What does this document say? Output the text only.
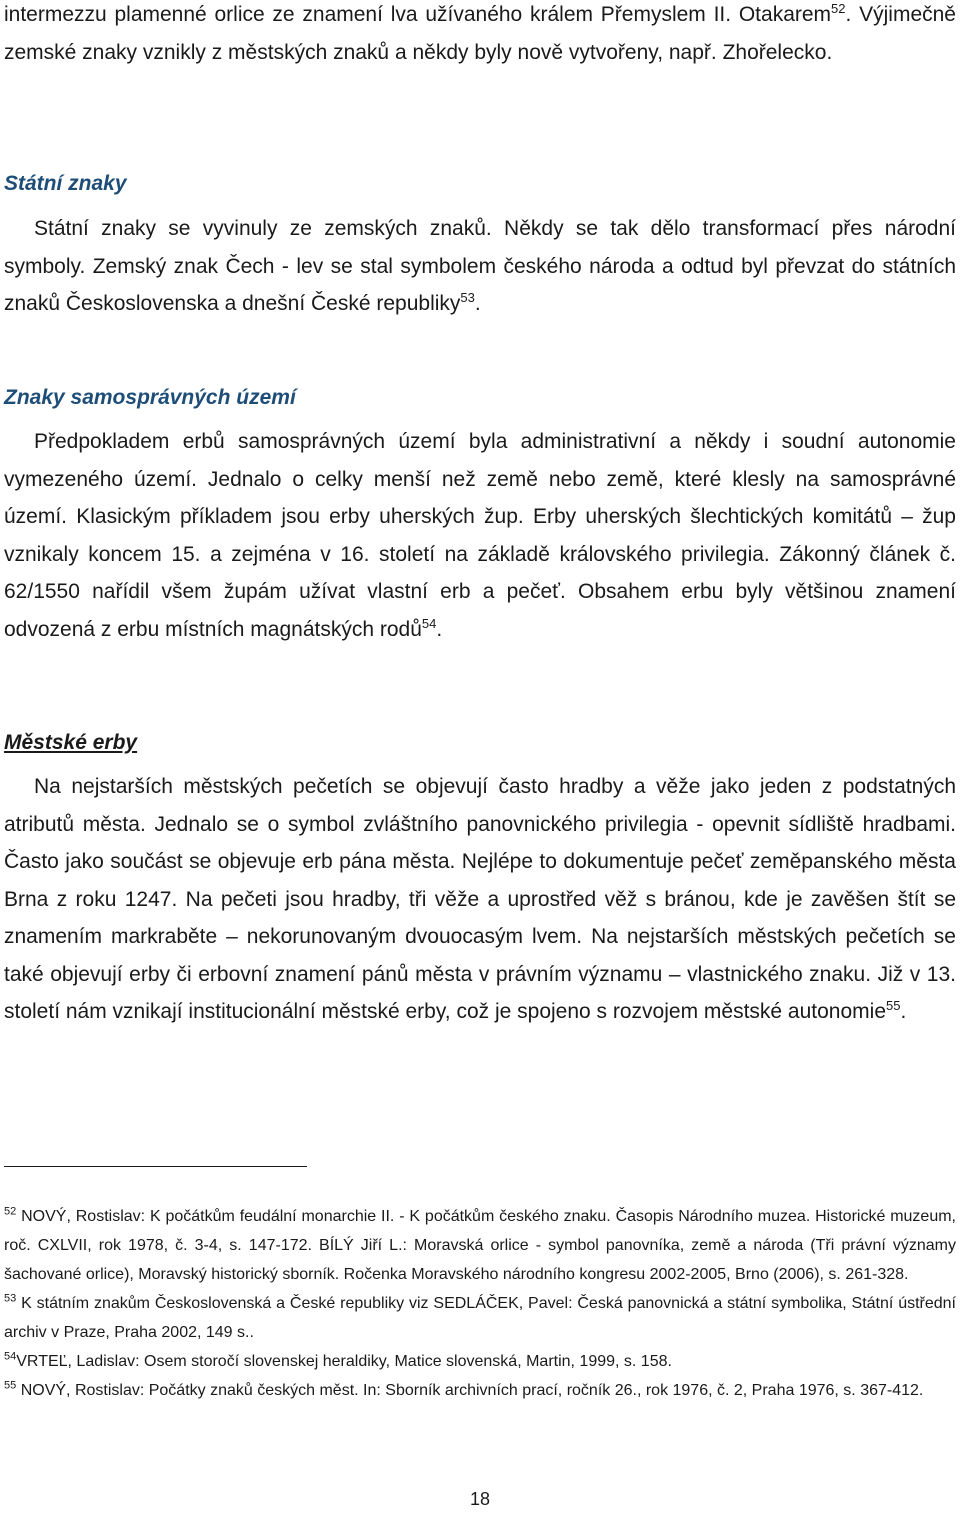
intermezzu plamenné orlice ze znamení lva užívaného králem Přemyslem II. Otakarem$^{52}$. Výjimečně zemské znaky vznikly z městských znaků a někdy byly nově vytvořeny, např. Zhořelecko.

Státní znaky

Státní znaky se vyvinuly ze zemských znaků. Někdy se tak dělo transformací přes národní symboly. Zemský znak Čech - lev se stal symbolem českého národa a odtud byl převzat do státních znaků Československa a dnešní České republiky$^{53}$.

Znaky samosprávných území

Předpokladem erbů samosprávných území byla administrativní a někdy i soudní autonomie vymezeného území. Jednalo o celky menší než země nebo země, které klesly na samosprávné území. Klasickým příkladem jsou erby uherských žup. Erby uherských šlechtických komitátů – žup vznikaly koncem 15. a zejména v 16. století na základě královského privilegia. Zákonný článek č. 62/1550 nařídil všem župám užívat vlastní erb a pečeť. Obsahem erbu byly většinou znamení odvozená z erbu místních magnátských rodů$^{54}$.

Městské erby

Na nejstarších městských pečetích se objevují často hradby a věže jako jeden z podstatných atributů města. Jednalo se o symbol zvláštního panovnického privilegia - opevnit sídliště hradbami. Často jako součást se objevuje erb pána města. Nejlépe to dokumentuje pečeť zeměpanského města Brna z roku 1247. Na pečeti jsou hradby, tři věže a uprostřed věž s bránou, kde je zavěšen štít se znamením markraběte – nekorunovaným dvouocasým lvem. Na nejstarších městských pečetích se také objevují erby či erbovní znamení pánů města v právním významu – vlastnického znaku. Již v 13. století nám vznikají institucionální městské erby, což je spojeno s rozvojem městské autonomie$^{55}$.

$^{52}$ NOVÝ, Rostislav: K počátkům feudální monarchie II. - K počátkům českého znaku. Časopis Národního muzea. Historické muzeum, roč. CXLVII, rok 1978, č. 3-4, s. 147-172. BÍLÝ Jiří L.: Moravská orlice - symbol panovníka, země a národa (Tři právní významy šachované orlice), Moravský historický sborník. Ročenka Moravského národního kongresu 2002-2005, Brno (2006), s. 261-328.

$^{53}$ K státním znakům Československá a České republiky viz SEDLÁČEK, Pavel: Česká panovnická a státní symbolika, Státní ústřední archiv v Praze, Praha 2002, 149 s..

$^{54}$VRTEĽ, Ladislav: Osem storočí slovenskej heraldiky, Matice slovenská, Martin, 1999, s. 158.

$^{55}$ NOVÝ, Rostislav: Počátky znaků českých měst. In: Sborník archivních prací, ročník 26., rok 1976, č. 2, Praha 1976, s. 367-412.

18
